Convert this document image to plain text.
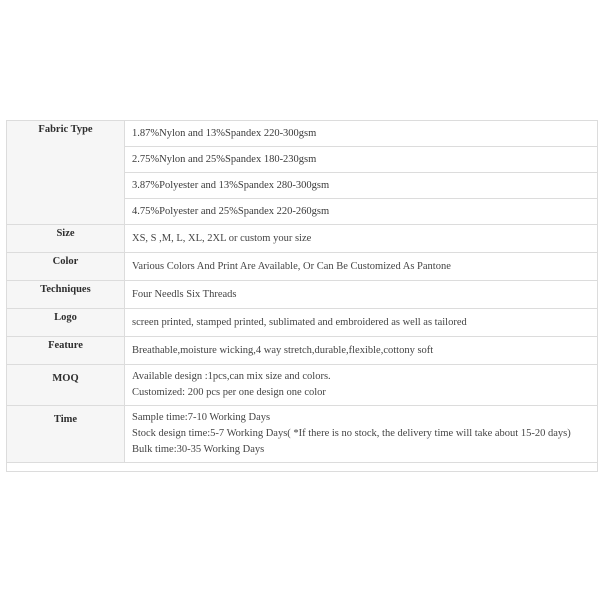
Fabric Type	1.87%Nylon and 13%Spandex 220-300gsm
2.75%Nylon and 25%Spandex 180-230gsm
3.87%Polyester and 13%Spandex 280-300gsm
4.75%Polyester and 25%Spandex 220-260gsm

Size	XS, S ,M, L, XL, 2XL or custom your size

Color	Various Colors And Print Are Available, Or Can Be Customized As Pantone

Techniques	Four Needls Six Threads

Logo	screen printed, stamped printed, sublimated and embroidered as well as tailored

Feature	Breathable,moisture wicking,4 way stretch,durable,flexible,cottony soft

MOQ	Available design :1pcs,can mix size and colors.
Customized: 200 pcs per one design one color

Time	Sample time:7-10 Working Days
Stock design time:5-7 Working Days( *If there is no stock, the delivery time will take about 15-20 days)
Bulk time:30-35 Working Days
